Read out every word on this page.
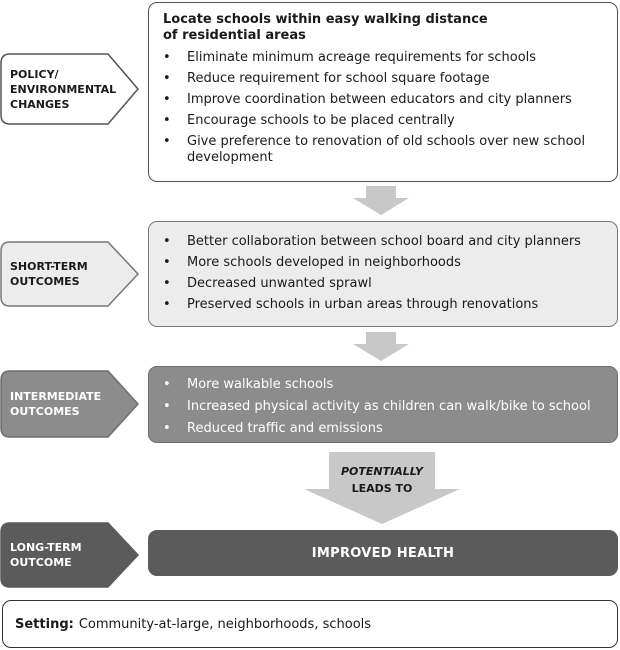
POLICY/
ENVIRONMENTAL
CHANGES
Locate schools within easy walking distance
of residential areas
• Eliminate minimum acreage requirements for schools
• Reduce requirement for school square footage
• Improve coordination between educators and city planners
• Encourage schools to be placed centrally
• Give preference to renovation of old schools over new school development
SHORT-TERM
OUTCOMES
• Better collaboration between school board and city planners
• More schools developed in neighborhoods
• Decreased unwanted sprawl
• Preserved schools in urban areas through renovations
INTERMEDIATE
OUTCOMES
• More walkable schools
• Increased physical activity as children can walk/bike to school
• Reduced traffic and emissions
POTENTIALLY
LEADS TO
LONG-TERM
OUTCOME
IMPROVED HEALTH
Setting: Community-at-large, neighborhoods, schools
